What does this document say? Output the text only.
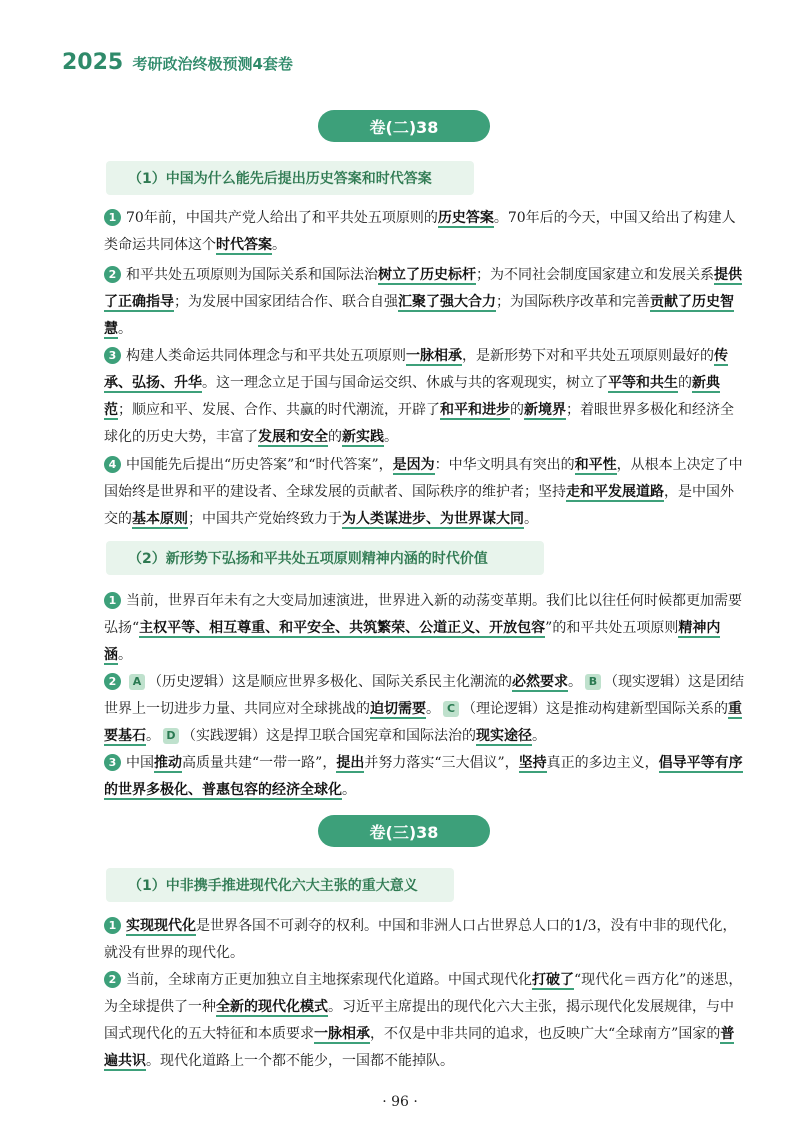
2025 考研政治终极预测4套卷
卷(二)38
（1）中国为什么能先后提出历史答案和时代答案
1 70年前，中国共产党人给出了和平共处五项原则的历史答案。70年后的今天，中国又给出了构建人类命运共同体这个时代答案。
2 和平共处五项原则为国际关系和国际法治树立了历史标杆；为不同社会制度国家建立和发展关系提供了正确指导；为发展中国家团结合作、联合自强汇聚了强大合力；为国际秩序改革和完善贡献了历史智慧。
3 构建人类命运共同体理念与和平共处五项原则一脉相承，是新形势下对和平共处五项原则最好的传承、弘扬、升华。这一理念立足于国与国命运交织、休戚与共的客观现实，树立了平等和共生的新典范；顺应和平、发展、合作、共赢的时代潮流，开辟了和平和进步的新境界；着眼世界多极化和经济全球化的历史大势，丰富了发展和安全的新实践。
4 中国能先后提出“历史答案”和“时代答案”，是因为：中华文明具有突出的和平性，从根本上决定了中国始终是世界和平的建设者、全球发展的贡献者、国际秩序的维护者；坚持走和平发展道路，是中国外交的基本原则；中国共产党始终致力于为人类谋进步、为世界谋大同。
（2）新形势下弘扬和平共处五项原则精神内涵的时代价值
1 当前，世界百年未有之大变局加速演进，世界进入新的动荡变革期。我们比以往任何时候都更加需要弘扬“主权平等、相互尊重、和平安全、共筑繁荣、公道正义、开放包容”的和平共处五项原则精神内涵。
2 A （历史逻辑）这是顺应世界多极化、国际关系民主化潮流的必然要求。 B （现实逻辑）这是团结世界上一切进步力量、共同应对全球挑战的迫切需要。 C （理论逻辑）这是推动构建新型国际关系的重要基石。 D （实践逻辑）这是捍卫联合国宪章和国际法治的现实途径。
3 中国推动高质量共建“一带一路”，提出并努力落实“三大倡议”，坚持真正的多边主义，倡导平等有序的世界多极化、普惠包容的经济全球化。
卷(三)38
（1）中非携手推进现代化六大主张的重大意义
1 实现现代化是世界各国不可剥夺的权利。中国和非洲人口占世界总人口的1/3，没有中非的现代化，就没有世界的现代化。
2 当前，全球南方正更加独立自主地探索现代化道路。中国式现代化打破了“现代化＝西方化”的迷思，为全球提供了一种全新的现代化模式。习近平主席提出的现代化六大主张，揭示现代化发展规律，与中国式现代化的五大特征和本质要求一脉相承，不仅是中非共同的追求，也反映广大“全球南方”国家的普遍共识。现代化道路上一个都不能少，一国都不能掉队。
· 96 ·
